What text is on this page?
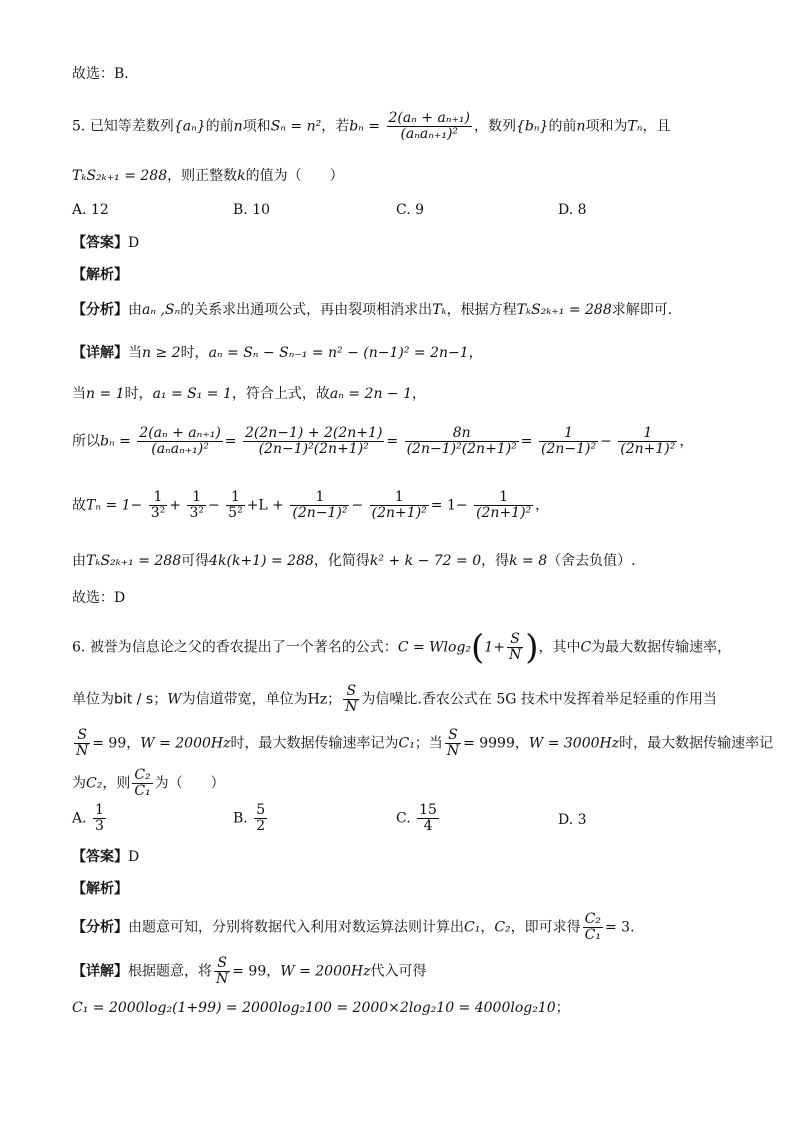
故选：B．
5. 已知等差数列{aₙ}的前n项和Sₙ = n²，若$b_n = \frac{\text{2(aₙ + aₙ₊₁)}}{\text{(aₙaₙ₊₁)²}}$ ，数列{bₙ}的前n项和为Tₙ，且
TₖS₂ₖ₊₁ = 288，则正整数k的值为（　　）
A. 12	B. 10	C. 9	D. 8
【答案】D
【解析】
【分析】由aₙ ,Sₙ的关系求出通项公式，再由裂项相消求出Tₖ，根据方程TₖS₂ₖ₊₁ = 288求解即可.
【详解】当n ≥ 2时，aₙ = Sₙ − Sₙ₋₁ = n² − (n−1)² = 2n−1，
当n = 1时，a₁ = S₁ = 1，符合上式，故aₙ = 2n − 1，
所以$b_n = \frac{\text{2(aₙ + aₙ₊₁)}}{\text{(aₙaₙ₊₁)²}} = \frac{2(2n-1) + 2(2n+1)}{\text{(2n−1)²(2n+1)²}} = \frac{8n}{\text{(2n−1)²(2n+1)²}} = \frac{1}{\text{(2n−1)²}} - \frac{1}{\text{(2n+1)²}}$ ，
故$T_n = 1- \frac{1}{\text{3²}} + \frac{1}{\text{3²}} - \frac{1}{\text{5²}} +L + \frac{1}{\text{(2n−1)²}} - \frac{1}{\text{(2n+1)²}} = 1- \frac{1}{\text{(2n+1)²}}$ ，
由TₖS₂ₖ₊₁ = 288可得4k(k+1) = 288，化简得k² + k − 72 = 0，得k = 8（舍去负值）.
故选：D
6. 被誉为信息论之父的香农提出了一个著名的公式：$C = Wlog_2(1+ \frac{S}{N}$ )，其中C为最大数据传输速率，
单位为bit / s；W为信道带宽，单位为Hz； $\frac{S}{N}$ 为信噪比.香农公式在 5G 技术中发挥着举足轻重的作用当
$\frac{S}{N} = 99$，W = 2000Hz时，最大数据传输速率记为C₁；当 $\frac{S}{N} = 9999$，W = 3000Hz时，最大数据传输速率记
为C₂，则 $\frac{\text{C₂}}{\text{C₁}}$ 为（　　）
A. $\frac{1}{3}$	B. $\frac{5}{2}$	C. $\frac{15}{4}$	D. 3
【答案】D
【解析】
【分析】由题意可知，分别将数据代入利用对数运算法则计算出C₁，C₂，即可求得 $\frac{\text{C₂}}{\text{C₁}} = 3$.
【详解】根据题意，将 $\frac{S}{N} = 99$，W = 2000Hz代入可得
C₁ = 2000log₂(1+99) = 2000log₂100 = 2000×2log₂10 = 4000log₂10；
